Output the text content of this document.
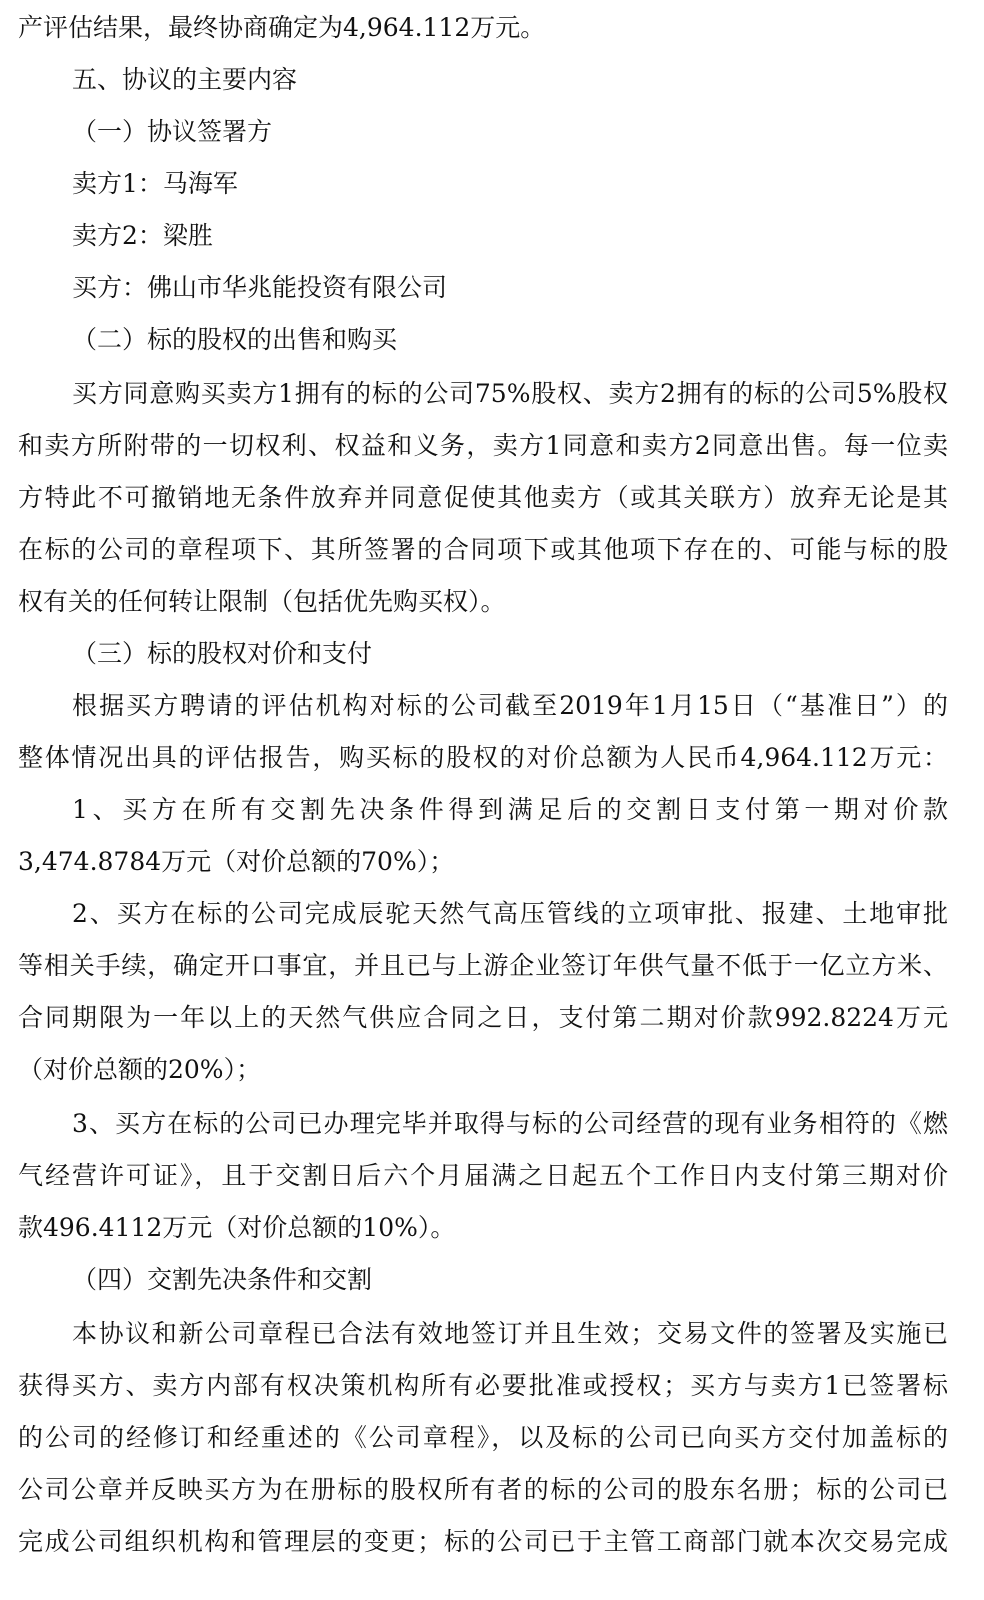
产评估结果，最终协商确定为4,964.112万元。
五、协议的主要内容
（一）协议签署方
卖方1：马海军
卖方2：梁胜
买方：佛山市华兆能投资有限公司
（二）标的股权的出售和购买
买方同意购买卖方1拥有的标的公司75%股权、卖方2拥有的标的公司5%股权
和卖方所附带的一切权利、权益和义务，卖方1同意和卖方2同意出售。每一位卖
方特此不可撤销地无条件放弃并同意促使其他卖方（或其关联方）放弃无论是其
在标的公司的章程项下、其所签署的合同项下或其他项下存在的、可能与标的股
权有关的任何转让限制（包括优先购买权）。
（三）标的股权对价和支付
根据买方聘请的评估机构对标的公司截至2019年1月15日（“基准日”）的
整体情况出具的评估报告，购买标的股权的对价总额为人民币4,964.112万元：
1、买方在所有交割先决条件得到满足后的交割日支付第一期对价款
3,474.8784万元（对价总额的70%）；
2、买方在标的公司完成辰驼天然气高压管线的立项审批、报建、土地审批
等相关手续，确定开口事宜，并且已与上游企业签订年供气量不低于一亿立方米、
合同期限为一年以上的天然气供应合同之日，支付第二期对价款992.8224万元
（对价总额的20%）；
3、买方在标的公司已办理完毕并取得与标的公司经营的现有业务相符的《燃
气经营许可证》，且于交割日后六个月届满之日起五个工作日内支付第三期对价
款496.4112万元（对价总额的10%）。
（四）交割先决条件和交割
本协议和新公司章程已合法有效地签订并且生效；交易文件的签署及实施已
获得买方、卖方内部有权决策机构所有必要批准或授权；买方与卖方1已签署标
的公司的经修订和经重述的《公司章程》，以及标的公司已向买方交付加盖标的
公司公章并反映买方为在册标的股权所有者的标的公司的股东名册；标的公司已
完成公司组织机构和管理层的变更；标的公司已于主管工商部门就本次交易完成
